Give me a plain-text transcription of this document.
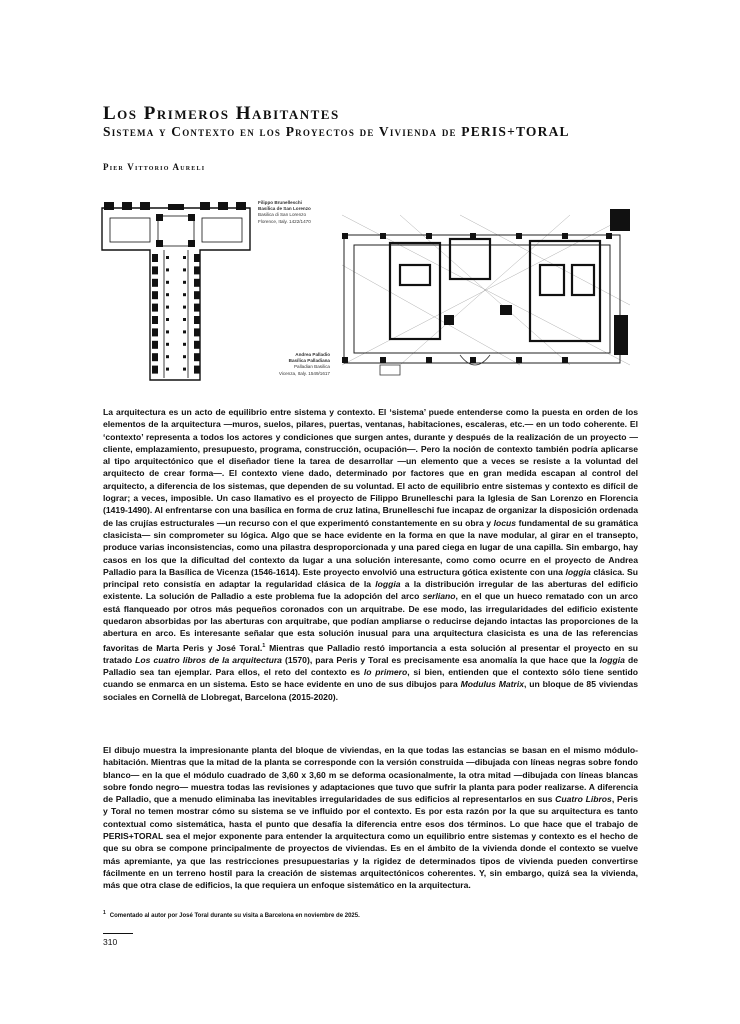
Los Primeros Habitantes
Sistema y Contexto en los Proyectos de Vivienda de PERIS+TORAL
Pier Vittorio Aureli
Filippo Brunelleschi
Basílica de San Lorenzo
Basilica di San Lorenzo
Florence, Italy. 1422/1470
Andrea Palladio
Basílica Palladiana
Palladian Basilica
Vicenza, Italy. 1549/1617

La arquitectura es un acto de equilibrio entre sistema y contexto. El ‘sistema’ puede entenderse como la puesta en orden de los elementos de la arquitectura —muros, suelos, pilares, puertas, ventanas, habitaciones, escaleras, etc.— en un todo coherente. El ‘contexto’ representa a todos los actores y condiciones que surgen antes, durante y después de la realización de un proyecto —cliente, emplazamiento, presupuesto, programa, construcción, ocupación—. Pero la noción de contexto también podría aplicarse al tipo arquitectónico que el diseñador tiene la tarea de desarrollar —un elemento que a veces se resiste a la voluntad del arquitecto de crear forma—. El contexto viene dado, determinado por factores que en gran medida escapan al control del arquitecto, a diferencia de los sistemas, que dependen de su voluntad. El acto de equilibrio entre sistemas y contexto es difícil de lograr; a veces, imposible. Un caso llamativo es el proyecto de Filippo Brunelleschi para la Iglesia de San Lorenzo en Florencia (1419-1490). Al enfrentarse con una basílica en forma de cruz latina, Brunelleschi fue incapaz de organizar la disposición ordenada de las crujías estructurales —un recurso con el que experimentó constantemente en su obra y locus fundamental de su gramática clasicista— sin comprometer su lógica. Algo que se hace evidente en la forma en que la nave modular, al girar en el transepto, produce varias inconsistencias, como una pilastra desproporcionada y una pared ciega en lugar de una capilla. Sin embargo, hay casos en los que la dificultad del contexto da lugar a una solución interesante, como como ocurre en el proyecto de Andrea Palladio para la Basílica de Vicenza (1546-1614). Este proyecto envolvió una estructura gótica existente con una loggia clásica. Su principal reto consistía en adaptar la regularidad clásica de la loggia a la distribución irregular de las aberturas del edificio existente. La solución de Palladio a este problema fue la adopción del arco serliano, en el que un hueco rematado con un arco está flanqueado por otros más pequeños coronados con un arquitrabe. De ese modo, las irregularidades del edificio existente quedaron absorbidas por las aberturas con arquitrabe, que podían ampliarse o reducirse dejando intactas las proporciones de la abertura en arco. Es interesante señalar que esta solución inusual para una arquitectura clasicista es una de las referencias favoritas de Marta Peris y José Toral.$^1$ Mientras que Palladio restó importancia a esta solución al presentar el proyecto en su tratado Los cuatro libros de la arquitectura (1570), para Peris y Toral es precisamente esa anomalía la que hace que la loggia de Palladio sea tan ejemplar. Para ellos, el reto del contexto es lo primero, si bien, entienden que el contexto sólo tiene sentido cuando se enmarca en un sistema. Esto se hace evidente en uno de sus dibujos para Modulus Matrix, un bloque de 85 viviendas sociales en Cornellà de Llobregat, Barcelona (2015-2020).

El dibujo muestra la impresionante planta del bloque de viviendas, en la que todas las estancias se basan en el mismo módulo-habitación. Mientras que la mitad de la planta se corresponde con la versión construida —dibujada con líneas negras sobre fondo blanco— en la que el módulo cuadrado de 3,60 x 3,60 m se deforma ocasionalmente, la otra mitad —dibujada con líneas blancas sobre fondo negro— muestra todas las revisiones y adaptaciones que tuvo que sufrir la planta para poder realizarse. A diferencia de Palladio, que a menudo eliminaba las inevitables irregularidades de sus edificios al representarlos en sus Cuatro Libros, Peris y Toral no temen mostrar cómo su sistema se ve influido por el contexto. Es por esta razón por la que su arquitectura es tanto contextual como sistemática, hasta el punto que desafía la diferencia entre esos dos términos. Lo que hace que el trabajo de PERIS+TORAL sea el mejor exponente para entender la arquitectura como un equilibrio entre sistemas y contexto es el hecho de que su obra se compone principalmente de proyectos de viviendas. Es en el ámbito de la vivienda donde el contexto se vuelve más apremiante, ya que las restricciones presupuestarias y la rigidez de determinados tipos de vivienda pueden convertirse fácilmente en un terreno hostil para la creación de sistemas arquitectónicos coherentes. Y, sin embargo, quizá sea la vivienda, más que otra clase de edificios, la que requiera un enfoque sistemático en la arquitectura.

$^1$ Comentado al autor por José Toral durante su visita a Barcelona en noviembre de 2025.
310
